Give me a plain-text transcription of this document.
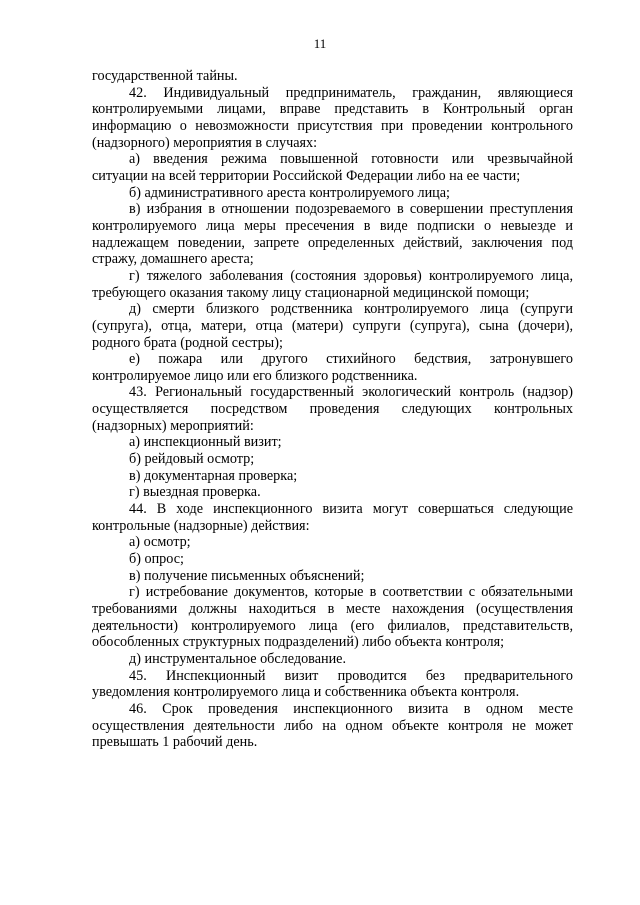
11

государственной тайны.

42. Индивидуальный предприниматель, гражданин, являющиеся контролируемыми лицами, вправе представить в Контрольный орган информацию о невозможности присутствия при проведении контрольного (надзорного) мероприятия в случаях:

а) введения режима повышенной готовности или чрезвычайной ситуации на всей территории Российской Федерации либо на ее части;

б) административного ареста контролируемого лица;

в) избрания в отношении подозреваемого в совершении преступления контролируемого лица меры пресечения в виде подписки о невыезде и надлежащем поведении, запрете определенных действий, заключения под стражу, домашнего ареста;

г) тяжелого заболевания (состояния здоровья) контролируемого лица, требующего оказания такому лицу стационарной медицинской помощи;

д) смерти близкого родственника контролируемого лица (супруги (супруга), отца, матери, отца (матери) супруги (супруга), сына (дочери), родного брата (родной сестры);

е) пожара или другого стихийного бедствия, затронувшего контролируемое лицо или его близкого родственника.

43. Региональный государственный экологический контроль (надзор) осуществляется посредством проведения следующих контрольных (надзорных) мероприятий:

а) инспекционный визит;

б) рейдовый осмотр;

в) документарная проверка;

г) выездная проверка.

44. В ходе инспекционного визита могут совершаться следующие контрольные (надзорные) действия:

а) осмотр;

б) опрос;

в) получение письменных объяснений;

г) истребование документов, которые в соответствии с обязательными требованиями должны находиться в месте нахождения (осуществления деятельности) контролируемого лица (его филиалов, представительств, обособленных структурных подразделений) либо объекта контроля;

д) инструментальное обследование.

45. Инспекционный визит проводится без предварительного уведомления контролируемого лица и собственника объекта контроля.

46. Срок проведения инспекционного визита в одном месте осуществления деятельности либо на одном объекте контроля не может превышать 1 рабочий день.
